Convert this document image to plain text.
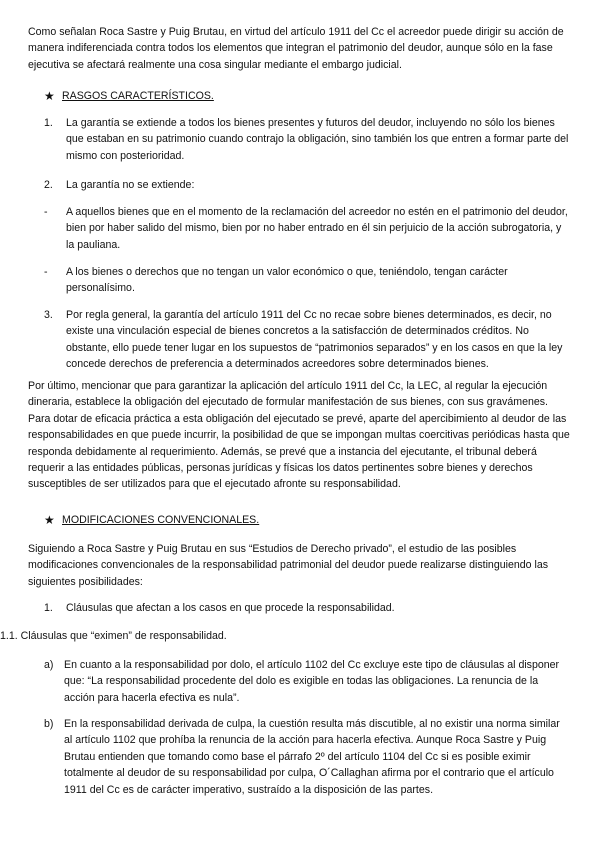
Como señalan Roca Sastre y Puig Brutau, en virtud del artículo 1911 del Cc el acreedor puede dirigir su acción de manera indiferenciada contra todos los elementos que integran el patrimonio del deudor, aunque sólo en la fase ejecutiva se afectará realmente una cosa singular mediante el embargo judicial.

★ RASGOS CARACTERÍSTICOS.
1.	La garantía se extiende a todos los bienes presentes y futuros del deudor, incluyendo no sólo los bienes que estaban en su patrimonio cuando contrajo la obligación, sino también los que entren a formar parte del mismo con posterioridad.

2.	La garantía no se extiende:

-	A aquellos bienes que en el momento de la reclamación del acreedor no estén en el patrimonio del deudor, bien por haber salido del mismo, bien por no haber entrado en él sin perjuicio de la acción subrogatoria, y la pauliana.

-	A los bienes o derechos que no tengan un valor económico o que, teniéndolo, tengan carácter personalísimo.

3.	Por regla general, la garantía del artículo 1911 del Cc no recae sobre bienes determinados, es decir, no existe una vinculación especial de bienes concretos a la satisfacción de determinados créditos. No obstante, ello puede tener lugar en los supuestos de “patrimonios separados” y en los casos en que la ley concede derechos de preferencia a determinados acreedores sobre determinados bienes.

Por último, mencionar que para garantizar la aplicación del artículo 1911 del Cc, la LEC, al regular la ejecución dineraria, establece la obligación del ejecutado de formular manifestación de sus bienes, con sus gravámenes. Para dotar de eficacia práctica a esta obligación del ejecutado se prevé, aparte del apercibimiento al deudor de las responsabilidades en que puede incurrir, la posibilidad de que se impongan multas coercitivas periódicas hasta que responda debidamente al requerimiento. Además, se prevé que a instancia del ejecutante, el tribunal deberá requerir a las entidades públicas, personas jurídicas y físicas los datos pertinentes sobre bienes y derechos susceptibles de ser utilizados para que el ejecutado afronte su responsabilidad.

★ MODIFICACIONES CONVENCIONALES.

Siguiendo a Roca Sastre y Puig Brutau en sus “Estudios de Derecho privado”, el estudio de las posibles modificaciones convencionales de la responsabilidad patrimonial del deudor puede realizarse distinguiendo las siguientes posibilidades:

1.	Cláusulas que afectan a los casos en que procede la responsabilidad.

1.1. Cláusulas que “eximen” de responsabilidad.

a) En cuanto a la responsabilidad por dolo, el artículo 1102 del Cc excluye este tipo de cláusulas al disponer que: “La responsabilidad procedente del dolo es exigible en todas las obligaciones. La renuncia de la acción para hacerla efectiva es nula”.

b) En la responsabilidad derivada de culpa, la cuestión resulta más discutible, al no existir una norma similar al artículo 1102 que prohíba la renuncia de la acción para hacerla efectiva. Aunque Roca Sastre y Puig Brutau entienden que tomando como base el párrafo 2º del artículo 1104 del Cc si es posible eximir totalmente al deudor de su responsabilidad por culpa, O´Callaghan afirma por el contrario que el artículo 1911 del Cc es de carácter imperativo, sustraído a la disposición de las partes.
